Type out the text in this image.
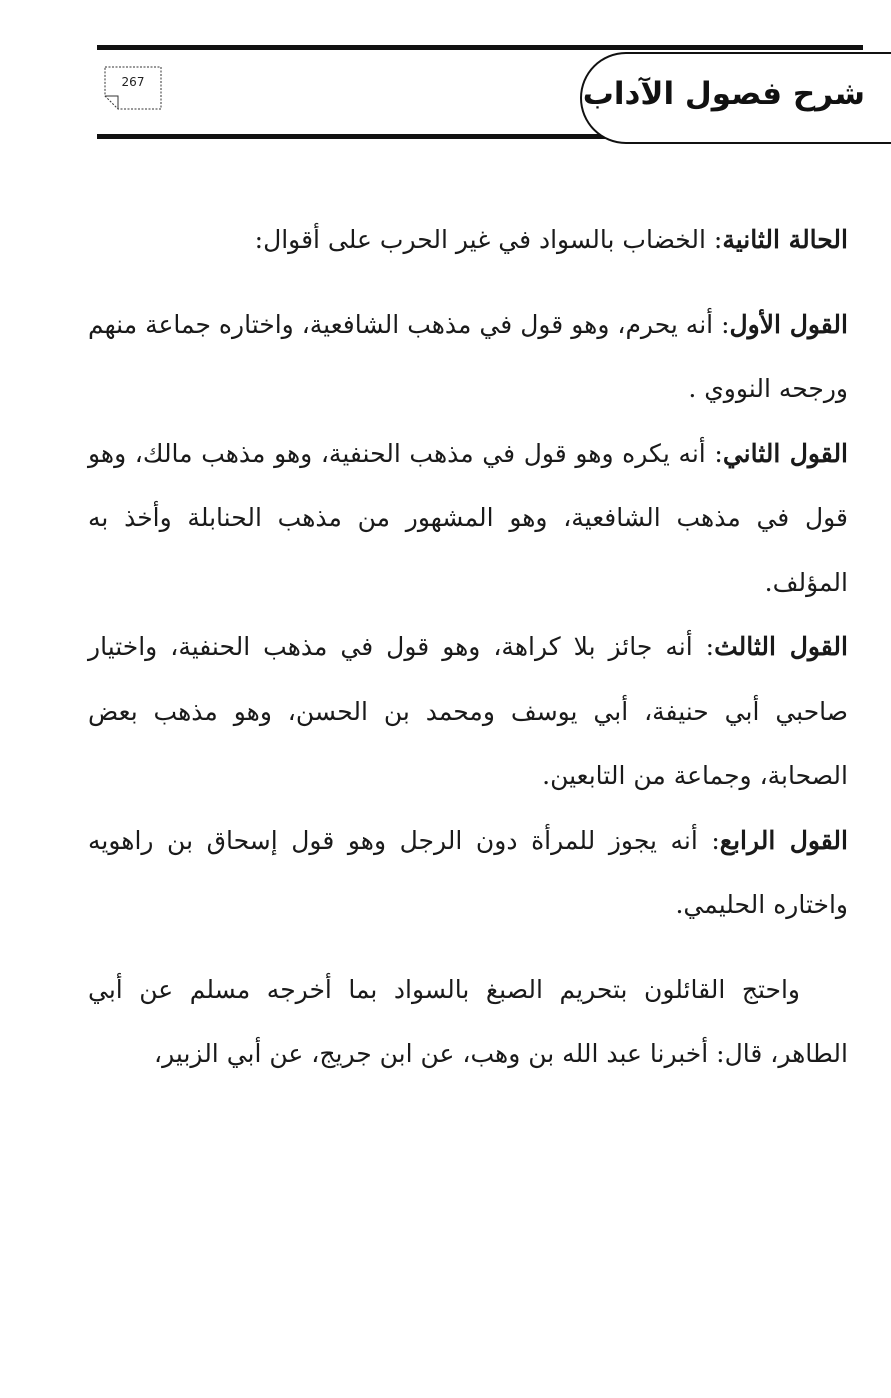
شرح فصول الآداب
267

الحالة الثانية: الخضاب بالسواد في غير الحرب على أقوال:

القول الأول: أنه يحرم، وهو قول في مذهب الشافعية، واختاره جماعة منهم ورجحه النووي .

القول الثاني: أنه يكره وهو قول في مذهب الحنفية، وهو مذهب مالك، وهو قول في مذهب الشافعية، وهو المشهور من مذهب الحنابلة وأخذ به المؤلف.

القول الثالث: أنه جائز بلا كراهة، وهو قول في مذهب الحنفية، واختيار صاحبي أبي حنيفة، أبي يوسف ومحمد بن الحسن، وهو مذهب بعض الصحابة، وجماعة من التابعين.

القول الرابع: أنه يجوز للمرأة دون الرجل وهو قول إسحاق بن راهويه واختاره الحليمي.

واحتج القائلون بتحريم الصبغ بالسواد بما أخرجه مسلم عن أبي الطاهر، قال: أخبرنا عبد الله بن وهب، عن ابن جريج، عن أبي الزبير،
